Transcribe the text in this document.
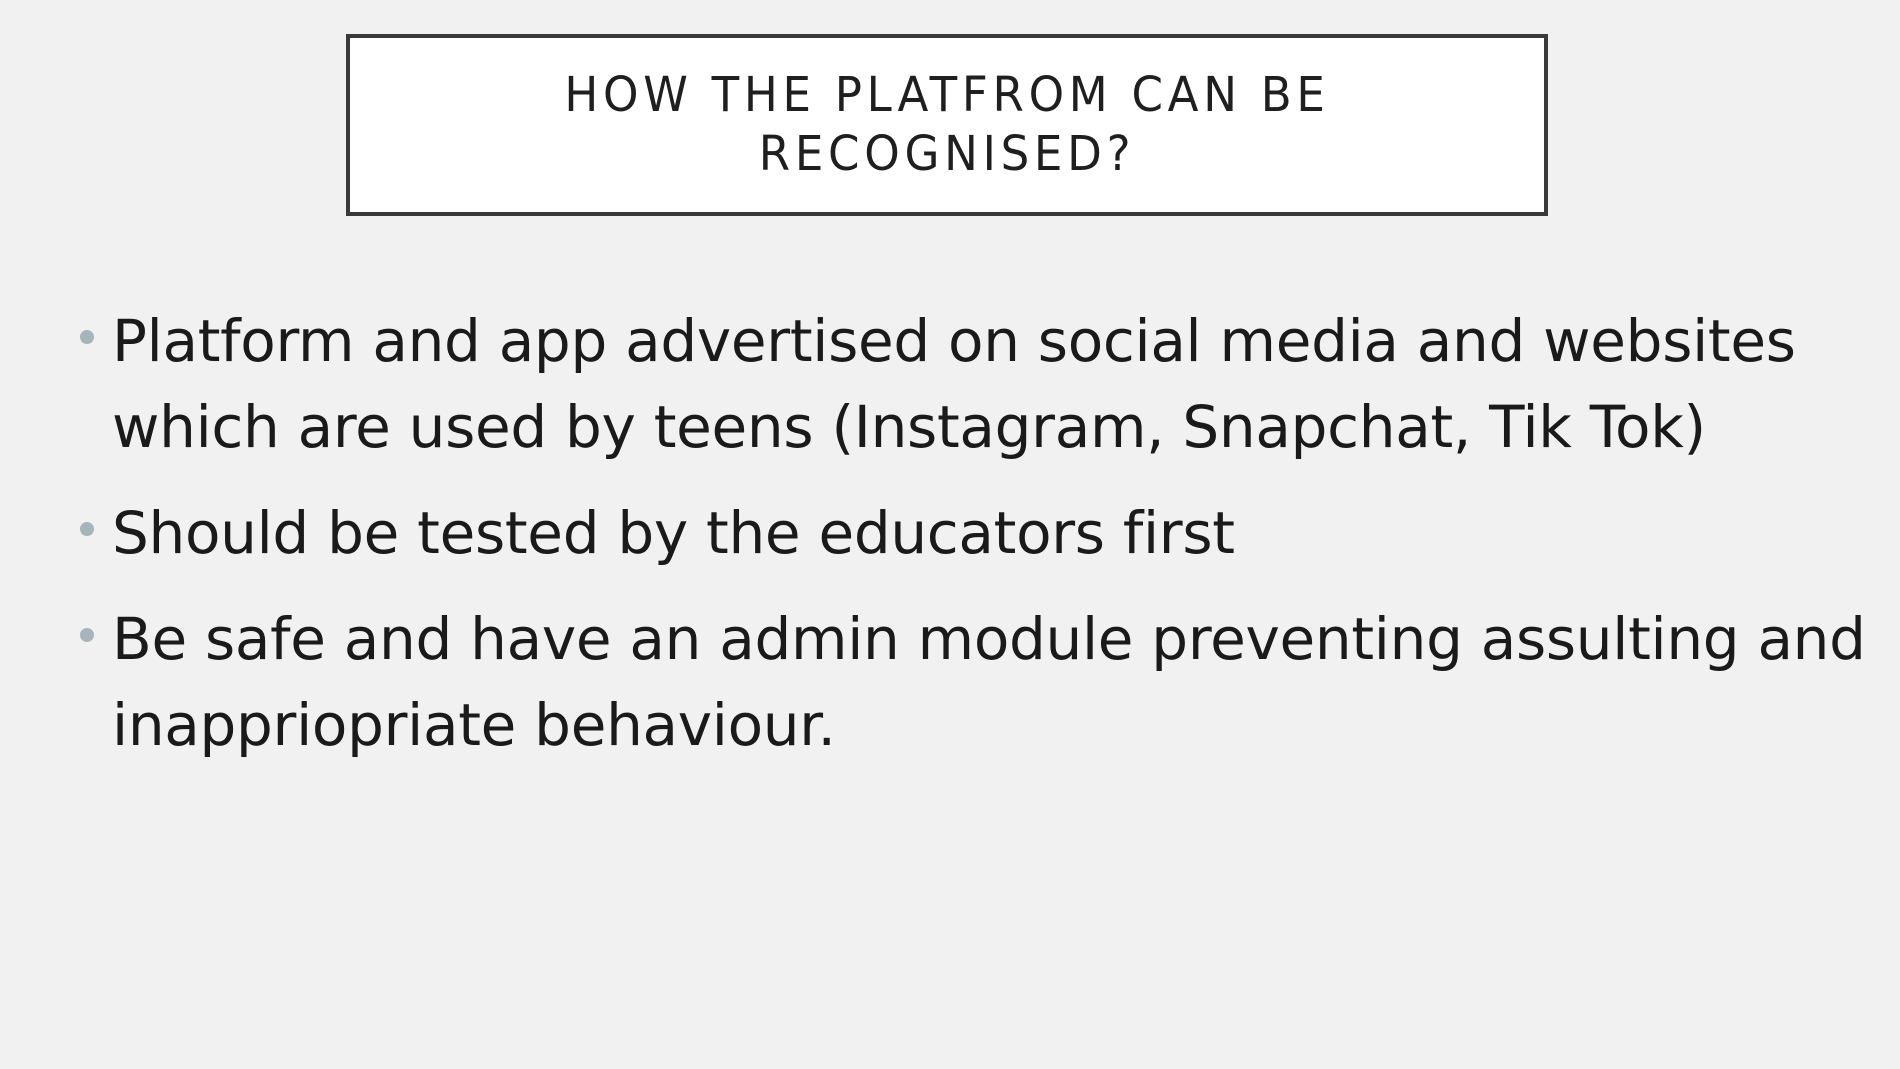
HOW THE PLATFROM CAN BE RECOGNISED?
Platform and app advertised on social media and websites which are used by teens (Instagram, Snapchat, Tik Tok)
Should be tested by the educators first
Be safe and have an admin module preventing assulting and inappriopriate behaviour.
